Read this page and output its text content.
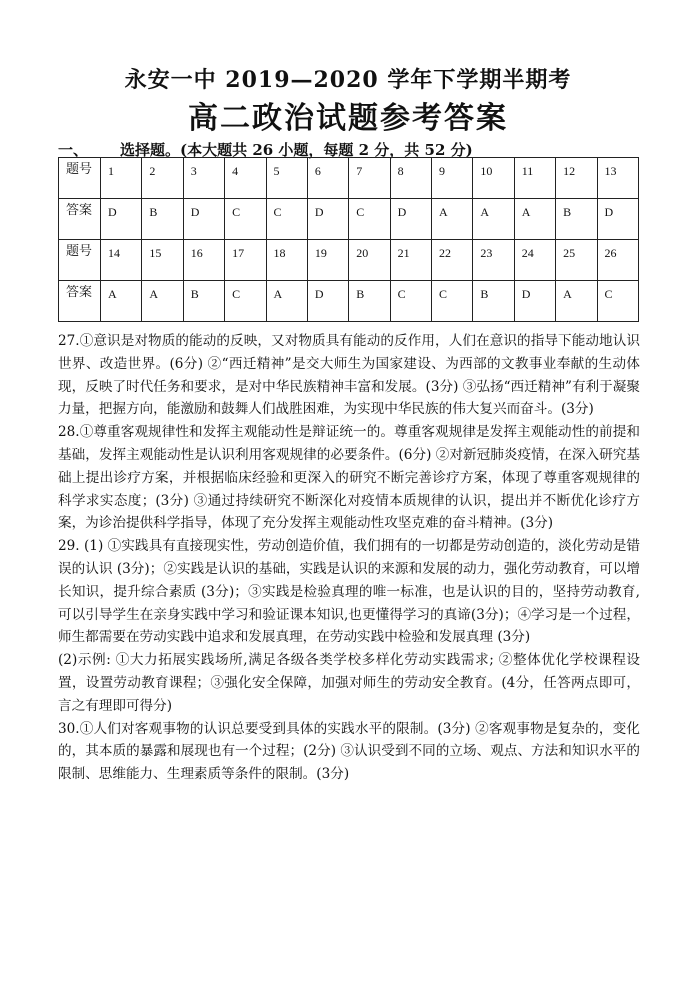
永安一中 2019—2020 学年下学期半期考
高二政治试题参考答案
一、 选择题。(本大题共 26 小题，每题 2 分，共 52 分)
题号	1	2	3	4	5	6	7	8	9	10	11	12	13
答案	D	B	D	C	C	D	C	D	A	A	A	B	D
题号	14	15	16	17	18	19	20	21	22	23	24	25	26
答案	A	A	B	C	A	D	B	C	C	B	D	A	C

27.①意识是对物质的能动的反映，又对物质具有能动的反作用，人们在意识的指导下能动地认识世界、改造世界。(6分) ②“西迁精神”是交大师生为国家建设、为西部的文教事业奉献的生动体现，反映了时代任务和要求，是对中华民族精神丰富和发展。(3分) ③弘扬“西迁精神”有利于凝聚力量，把握方向，能激励和鼓舞人们战胜困难，为实现中华民族的伟大复兴而奋斗。(3分)

28.①尊重客观规律性和发挥主观能动性是辩证统一的。尊重客观规律是发挥主观能动性的前提和基础，发挥主观能动性是认识利用客观规律的必要条件。(6分) ②对新冠肺炎疫情，在深入研究基础上提出诊疗方案，并根据临床经验和更深入的研究不断完善诊疗方案，体现了尊重客观规律的科学求实态度；(3分) ③通过持续研究不断深化对疫情本质规律的认识，提出并不断优化诊疗方案，为诊治提供科学指导，体现了充分发挥主观能动性攻坚克难的奋斗精神。(3分)

29. (1) ①实践具有直接现实性，劳动创造价值，我们拥有的一切都是劳动创造的，淡化劳动是错误的认识 (3分)；②实践是认识的基础，实践是认识的来源和发展的动力，强化劳动教育，可以增长知识，提升综合素质 (3分)；③实践是检验真理的唯一标准，也是认识的目的，坚持劳动教育,可以引导学生在亲身实践中学习和验证课本知识,也更懂得学习的真谛(3分)；④学习是一个过程，师生都需要在劳动实践中追求和发展真理，在劳动实践中检验和发展真理 (3分)

(2)示例: ①大力拓展实践场所,满足各级各类学校多样化劳动实践需求; ②整体优化学校课程设置，设置劳动教育课程；③强化安全保障，加强对师生的劳动安全教育。(4分，任答两点即可，言之有理即可得分)

30.①人们对客观事物的认识总要受到具体的实践水平的限制。(3分) ②客观事物是复杂的，变化的，其本质的暴露和展现也有一个过程；(2分) ③认识受到不同的立场、观点、方法和知识水平的限制、思维能力、生理素质等条件的限制。(3分)
